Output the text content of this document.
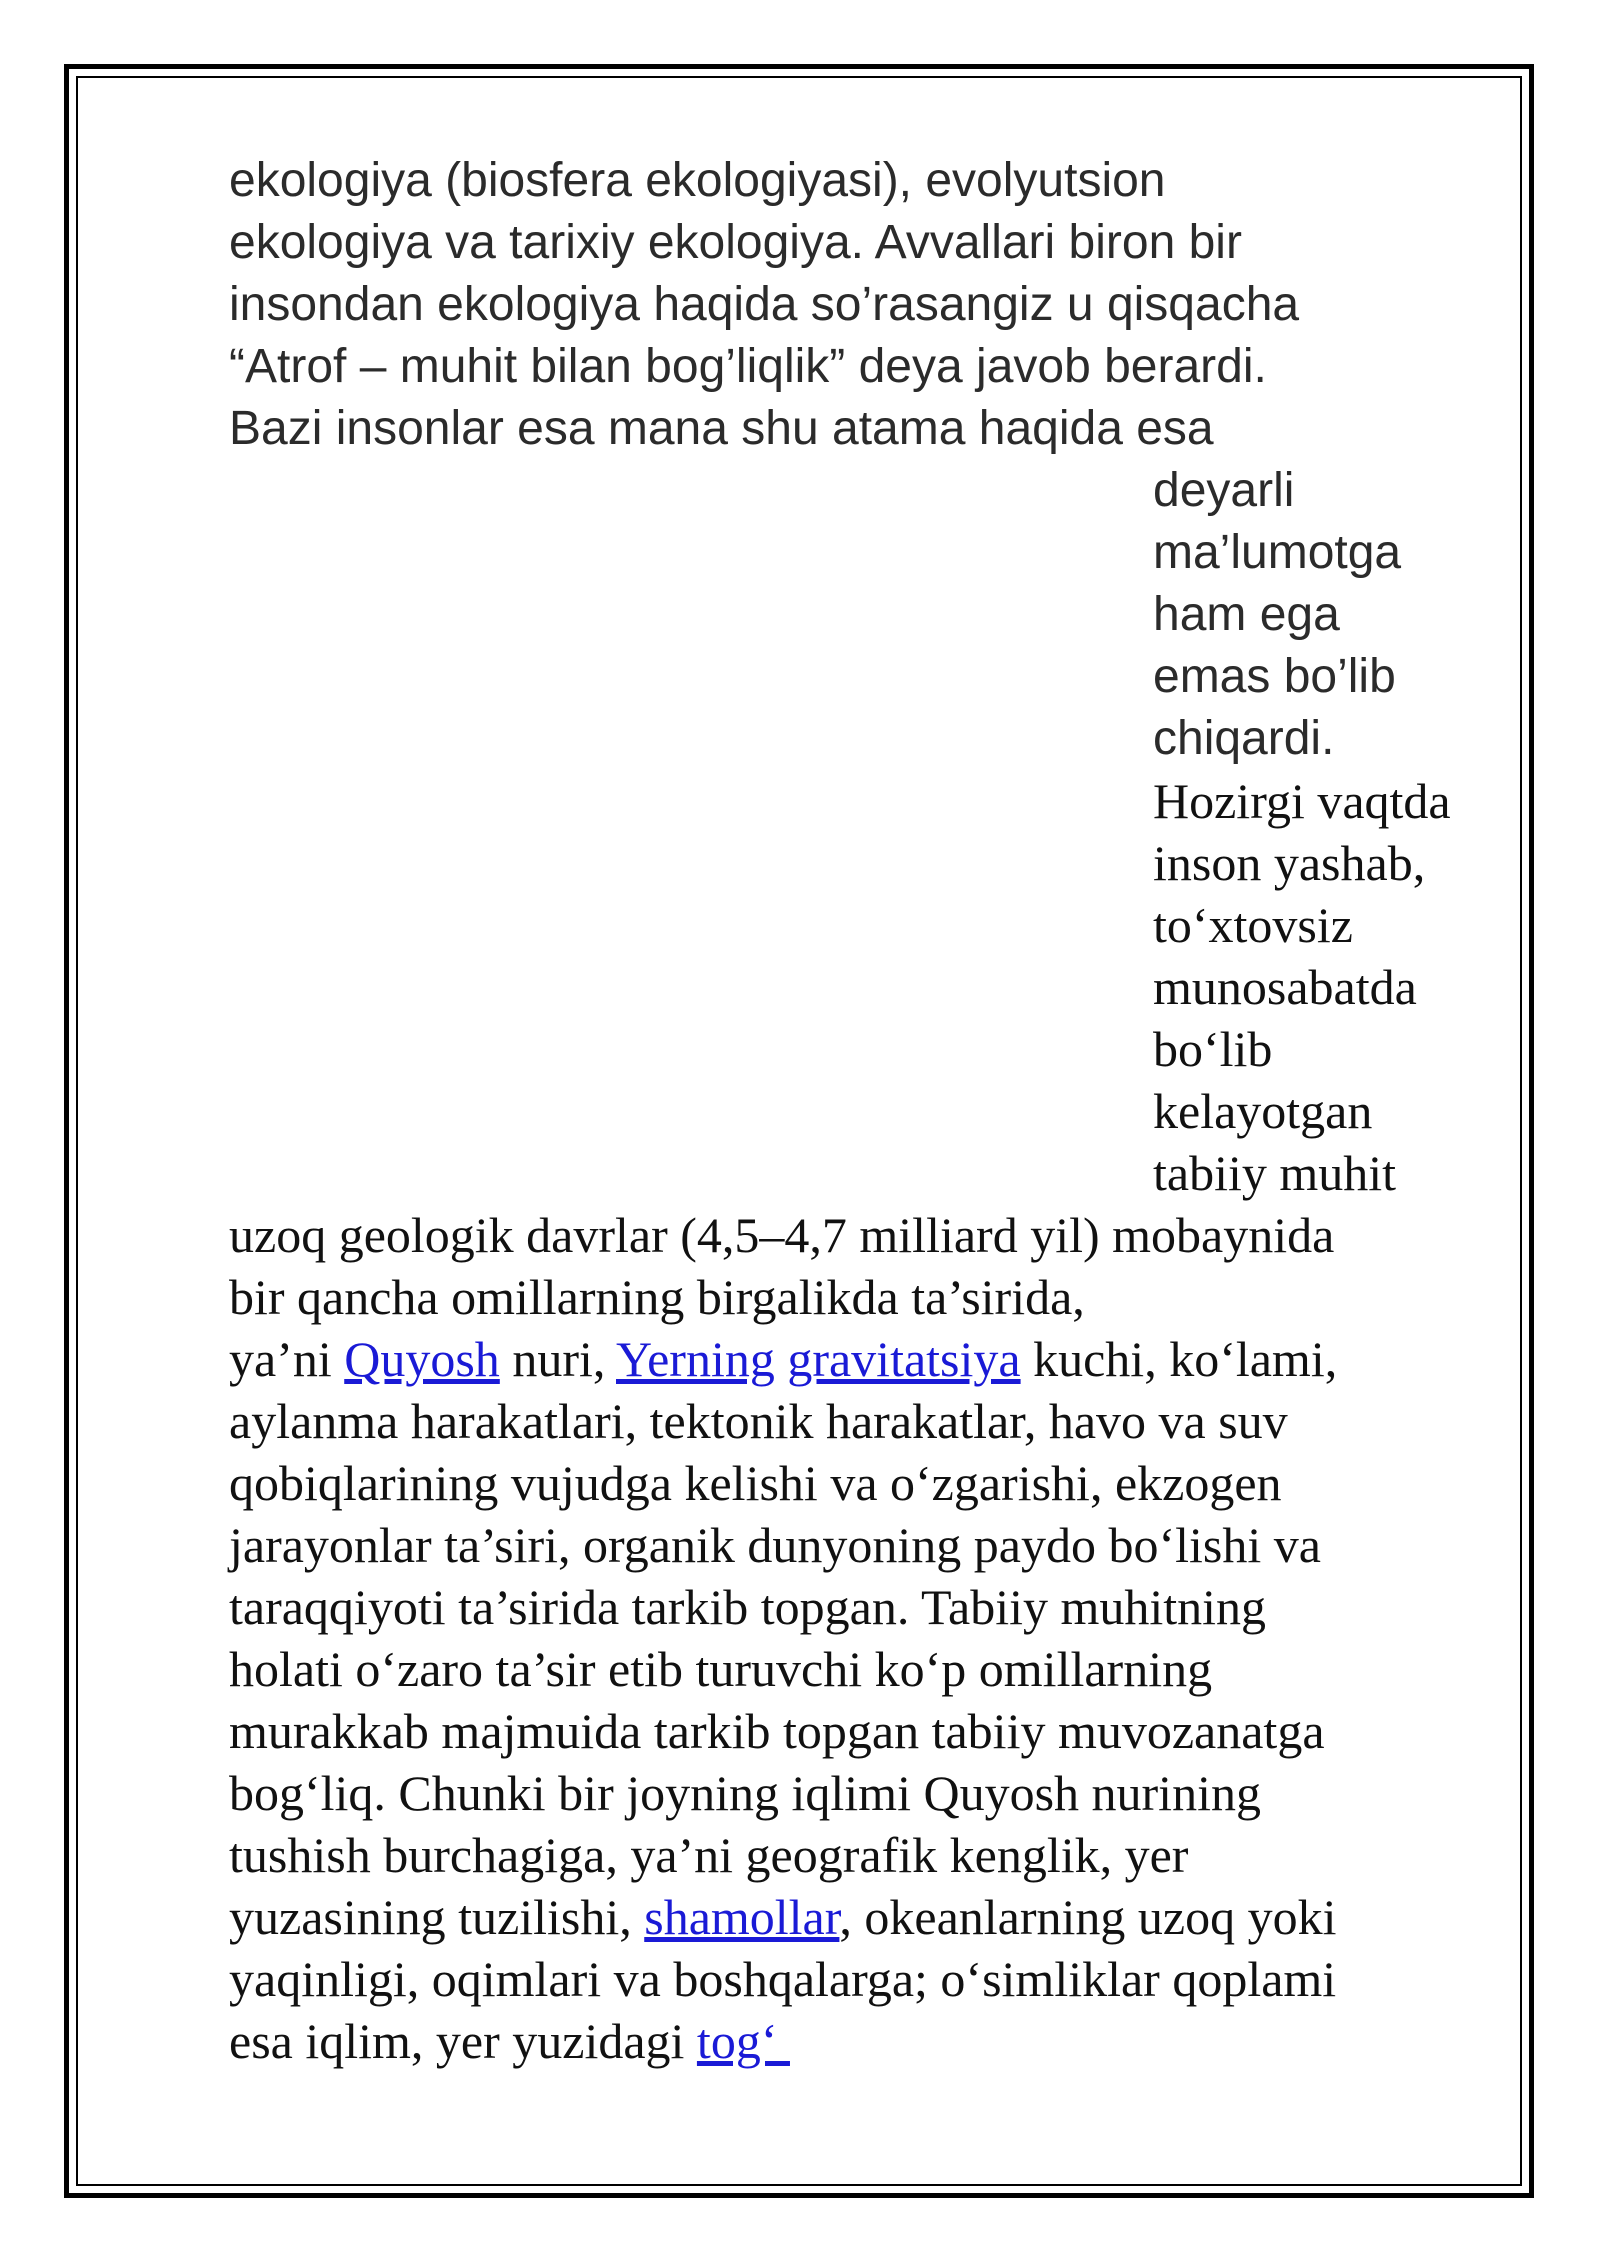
ekologiya (biosfera ekologiyasi), evolyutsion
ekologiya va tarixiy ekologiya. Avvallari biron bir
insondan ekologiya haqida so’rasangiz u qisqacha
“Atrof – muhit bilan bog’liqlik” deya javob berardi.
Bazi insonlar esa mana shu atama haqida esa

deyarli
ma’lumotga
ham ega
emas bo’lib
chiqardi.
Hozirgi vaqtda
inson yashab,
to‘xtovsiz
munosabatda
bo‘lib
kelayotgan
tabiiy muhit

uzoq geologik davrlar (4,5–4,7 milliard yil) mobaynida
bir qancha omillarning birgalikda ta’sirida,
ya’ni Quyosh nuri, Yerning gravitatsiya kuchi, ko‘lami,
aylanma harakatlari, tektonik harakatlar, havo va suv
qobiqlarining vujudga kelishi va o‘zgarishi, ekzogen
jarayonlar ta’siri, organik dunyoning paydo bo‘lishi va
taraqqiyoti ta’sirida tarkib topgan. Tabiiy muhitning
holati o‘zaro ta’sir etib turuvchi ko‘p omillarning
murakkab majmuida tarkib topgan tabiiy muvozanatga
bog‘liq. Chunki bir joyning iqlimi Quyosh nurining
tushish burchagiga, ya’ni geografik kenglik, yer
yuzasining tuzilishi, shamollar, okeanlarning uzoq yoki
yaqinligi, oqimlari va boshqalarga; o‘simliklar qoplami
esa iqlim, yer yuzidagi tog‘
